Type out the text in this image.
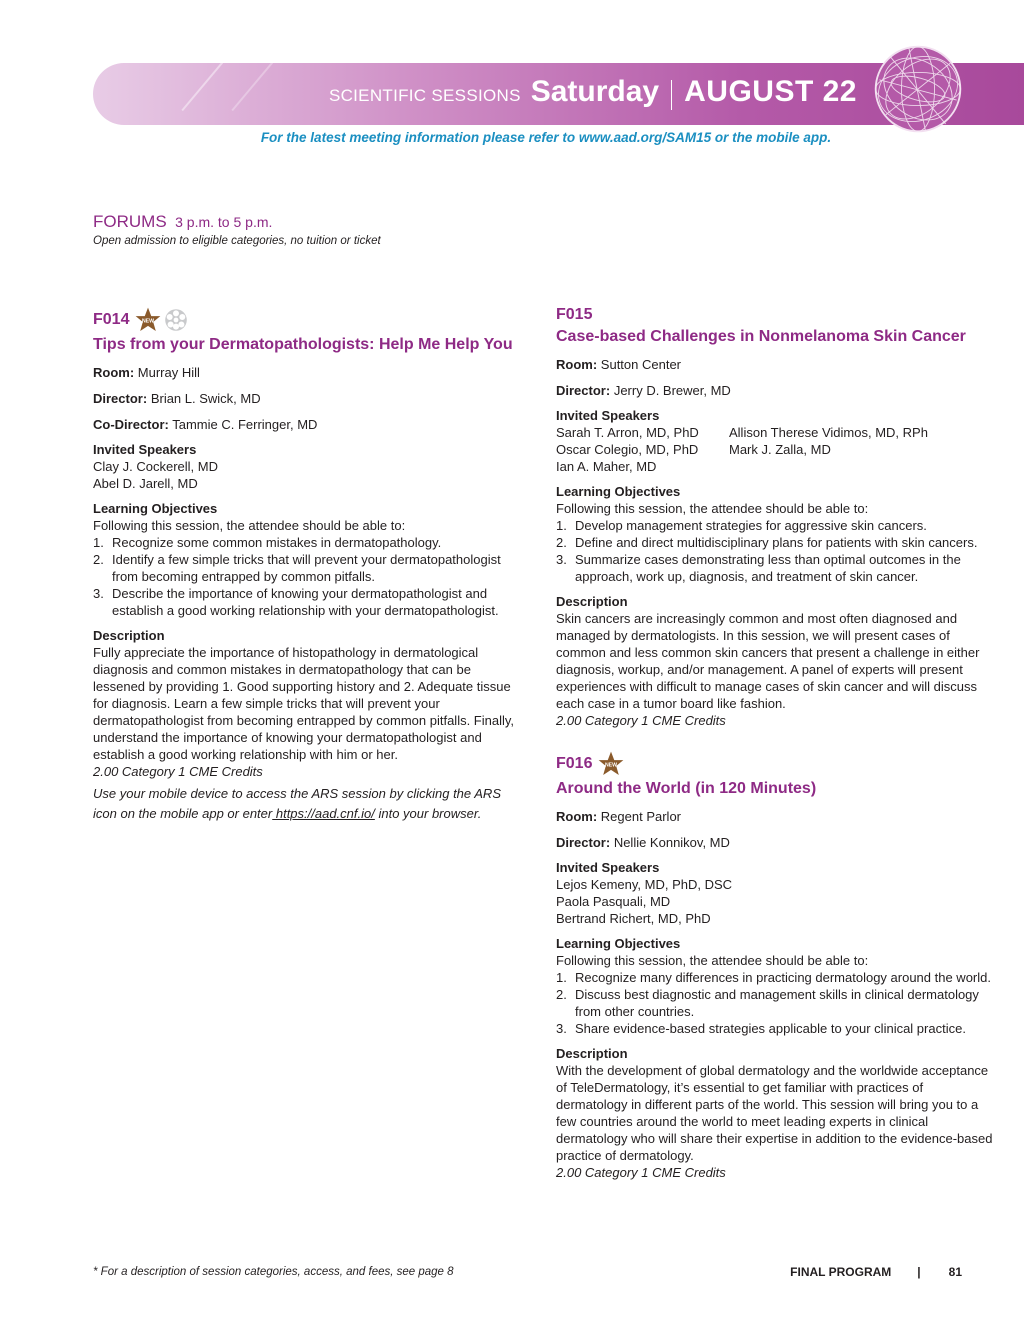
SCIENTIFIC SESSIONS Saturday AUGUST 22
For the latest meeting information please refer to www.aad.org/SAM15 or the mobile app.
FORUMS 3 p.m. to 5 p.m.
Open admission to eligible categories, no tuition or ticket
F014 NEW
Tips from your Dermatopathologists: Help Me Help You
Room: Murray Hill
Director: Brian L. Swick, MD
Co-Director: Tammie C. Ferringer, MD
Invited Speakers
Clay J. Cockerell, MD
Abel D. Jarell, MD
Learning Objectives
Following this session, the attendee should be able to:
1. Recognize some common mistakes in dermatopathology.
2. Identify a few simple tricks that will prevent your dermatopathologist from becoming entrapped by common pitfalls.
3. Describe the importance of knowing your dermatopathologist and establish a good working relationship with your dermatopathologist.
Description
Fully appreciate the importance of histopathology in dermatological diagnosis and common mistakes in dermatopathology that can be lessened by providing 1. Good supporting history and 2. Adequate tissue for diagnosis. Learn a few simple tricks that will prevent your dermatopathologist from becoming entrapped by common pitfalls. Finally, understand the importance of knowing your dermatopathologist and establish a good working relationship with him or her.
2.00 Category 1 CME Credits
Use your mobile device to access the ARS session by clicking the ARS icon on the mobile app or enter https://aad.cnf.io/ into your browser.
F015
Case-based Challenges in Nonmelanoma Skin Cancer
Room: Sutton Center
Director: Jerry D. Brewer, MD
Invited Speakers
Sarah T. Arron, MD, PhD	Allison Therese Vidimos, MD, RPh
Oscar Colegio, MD, PhD	Mark J. Zalla, MD
Ian A. Maher, MD
Learning Objectives
Following this session, the attendee should be able to:
1. Develop management strategies for aggressive skin cancers.
2. Define and direct multidisciplinary plans for patients with skin cancers.
3. Summarize cases demonstrating less than optimal outcomes in the approach, work up, diagnosis, and treatment of skin cancer.
Description
Skin cancers are increasingly common and most often diagnosed and managed by dermatologists. In this session, we will present cases of common and less common skin cancers that present a challenge in either diagnosis, workup, and/or management. A panel of experts will present experiences with difficult to manage cases of skin cancer and will discuss each case in a tumor board like fashion.
2.00 Category 1 CME Credits
F016 NEW
Around the World (in 120 Minutes)
Room: Regent Parlor
Director: Nellie Konnikov, MD
Invited Speakers
Lejos Kemeny, MD, PhD, DSC
Paola Pasquali, MD
Bertrand Richert, MD, PhD
Learning Objectives
Following this session, the attendee should be able to:
1. Recognize many differences in practicing dermatology around the world.
2. Discuss best diagnostic and management skills in clinical dermatology from other countries.
3. Share evidence-based strategies applicable to your clinical practice.
Description
With the development of global dermatology and the worldwide acceptance of TeleDermatology, it’s essential to get familiar with practices of dermatology in different parts of the world. This session will bring you to a few countries around the world to meet leading experts in clinical dermatology who will share their expertise in addition to the evidence-based practice of dermatology.
2.00 Category 1 CME Credits
* For a description of session categories, access, and fees, see page 8	FINAL PROGRAM | 81
